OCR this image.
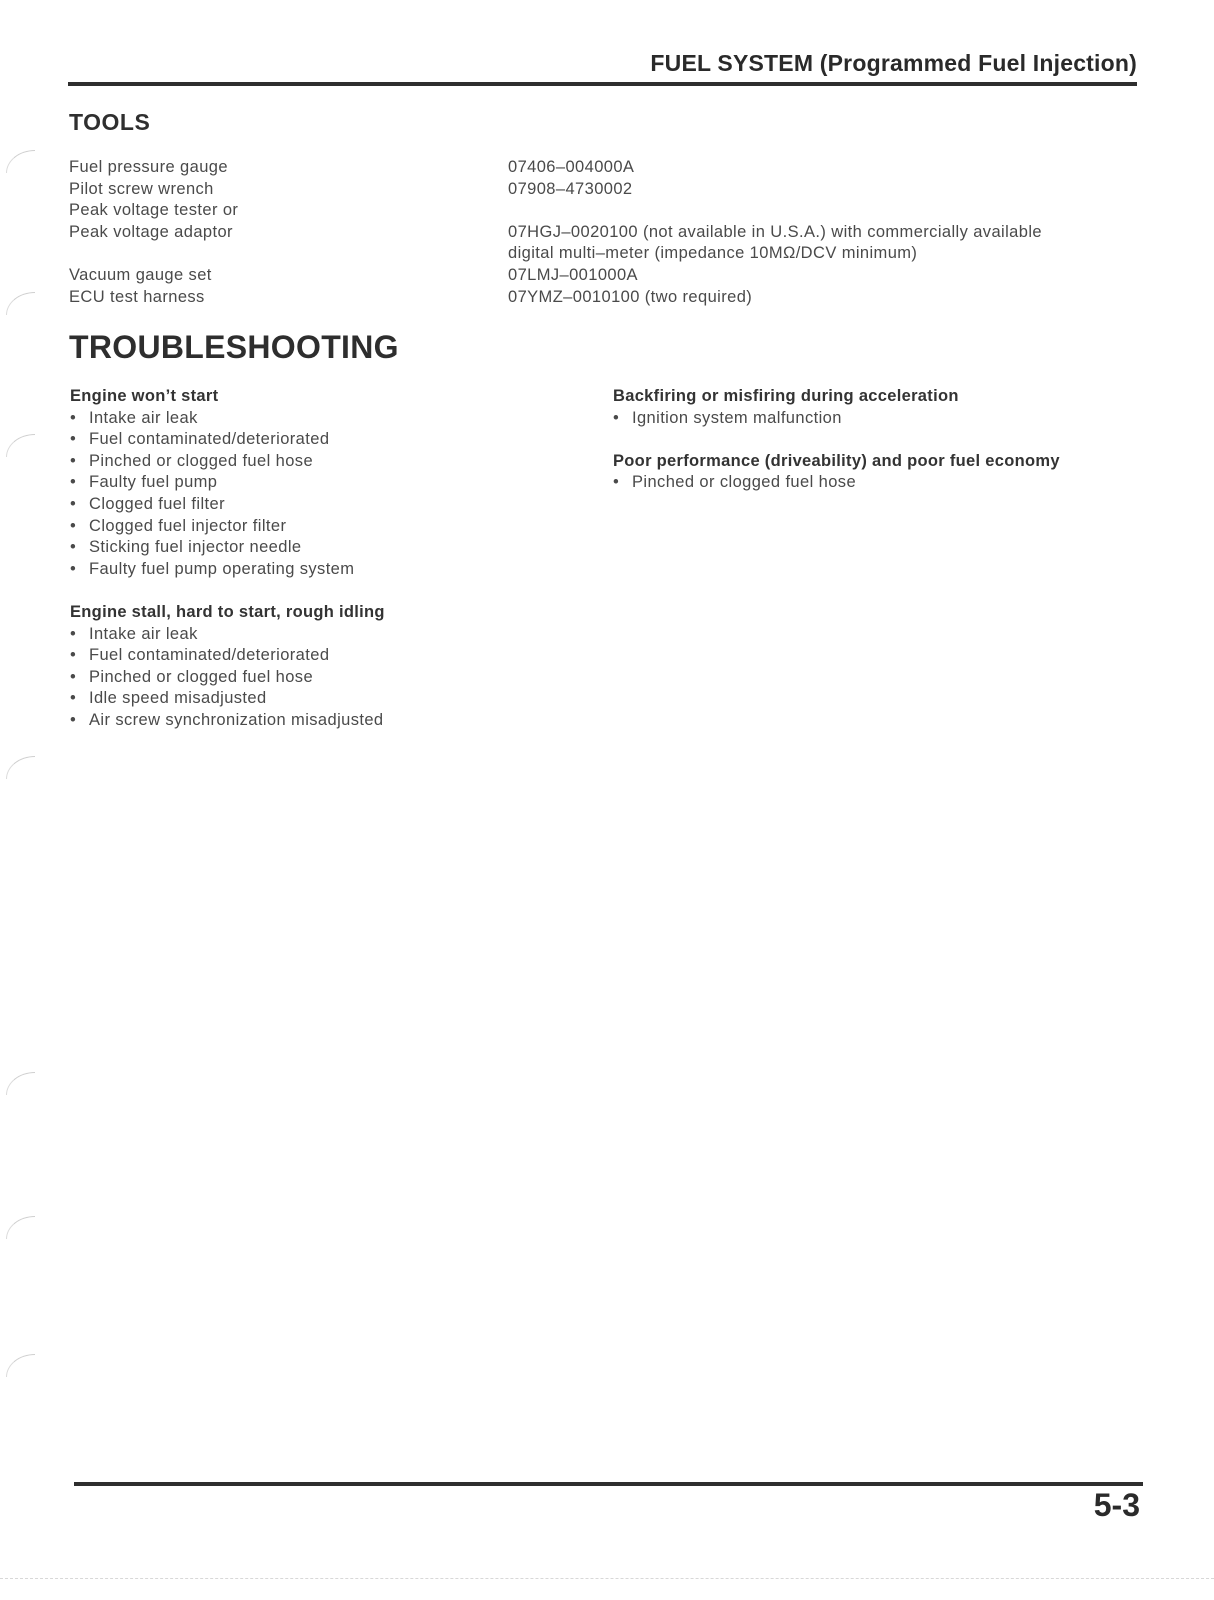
FUEL SYSTEM (Programmed Fuel Injection)
TOOLS
Fuel pressure gauge
Pilot screw wrench
Peak voltage tester or
Peak voltage adaptor
Vacuum gauge set
ECU test harness
07406–004000A
07908–4730002
07HGJ–0020100 (not available in U.S.A.) with commercially available
digital multi–meter (impedance 10MΩ/DCV minimum)
07LMJ–001000A
07YMZ–0010100 (two required)
TROUBLESHOOTING
Engine won’t start
• Intake air leak
• Fuel contaminated/deteriorated
• Pinched or clogged fuel hose
• Faulty fuel pump
• Clogged fuel filter
• Clogged fuel injector filter
• Sticking fuel injector needle
• Faulty fuel pump operating system
Engine stall, hard to start, rough idling
• Intake air leak
• Fuel contaminated/deteriorated
• Pinched or clogged fuel hose
• Idle speed misadjusted
• Air screw synchronization misadjusted
Backfiring or misfiring during acceleration
• Ignition system malfunction
Poor performance (driveability) and poor fuel economy
• Pinched or clogged fuel hose
5-3
